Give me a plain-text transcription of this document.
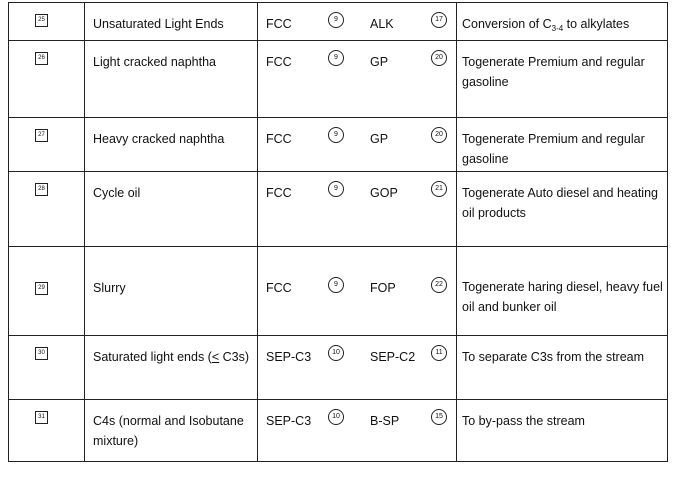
25	Unsaturated Light Ends	FCC 9 ALK 17	Conversion of $C_{3-4}$ to alkylates

26	Light cracked naphtha	FCC 9 GP 20	Togenerate Premium and regular gasoline

27	Heavy cracked naphtha	FCC 9 GP 20	Togenerate Premium and regular gasoline

28	Cycle oil	FCC 9 GOP 21	Togenerate Auto diesel and heating oil products

29	Slurry	FCC 9 FOP 22	Togenerate haring diesel, heavy fuel oil and bunker oil

30	Saturated light ends (< C3s)	SEP-C3 10 SEP-C2 11	To separate C3s from the stream

31	C4s (normal and Isobutane mixture)	SEP-C3 10 B-SP 15	To by-pass the stream
